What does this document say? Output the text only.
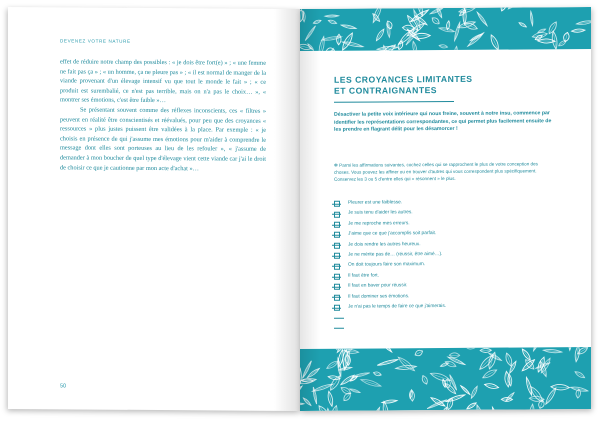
DEVENEZ VOTRE NATURE

effet de réduire notre champ des possibles : « je dois être fort(e) » ; « une femme ne fait pas ça » ; « un homme, ça ne pleure pas » ; « il est normal de manger de la viande provenant d'un élevage intensif vu que tout le monde le fait » ; « ce produit est surembalié, ce n'est pas terrible, mais on n'a pas le choix… », « montrer ses émotions, c'est être faible »…

Se présentant souvent comme des réflexes inconscients, ces « filtres » peuvent en réalité être conscientisés et réévalués, pour peu que des croyances « ressources » plus justes puissent être validées à la place. Par exemple : « je choisis en présence de qui j'assume mes émotions pour m'aider à comprendre le message dont elles sont porteuses au lieu de les refouler », « j'assume de demander à mon boucher de quel type d'élevage vient cette viande car j'ai le droit de choisir ce que je cautionne par mon acte d'achat »…

50
LES CROYANCES LIMITANTES
ET CONTRAIGNANTES
Désactiver la petite voix intérieure qui nous freine, souvent à notre insu, commence par identifier les représentations correspondantes, ce qui permet plus facilement ensuite de les prendre en flagrant délit pour les désamorcer !
✻ Parmi les affirmations suivantes, cochez celles qui se rapprochent le plus de votre conception des choses. Vous pouvez les affiner ou en trouver d'autres qui vous correspondent plus spécifiquement. Conservez les 3 ou 5 d'entre elles qui « résonnent » le plus.
Pleurer est une faiblesse.
Je suis tenu d'aider les autres.
Je me reproche mes erreurs.
J'aime que ce que j'accomplis soit parfait.
Je dois rendre les autres heureux.
Je ne mérite pas de… (réussir, être aimé…).
On doit toujours faire son maximum.
Il faut être fort.
Il faut en baver pour réussir.
Il faut dominer ses émotions.
Je n'ai pas le temps de faire ce que j'aimerais.
